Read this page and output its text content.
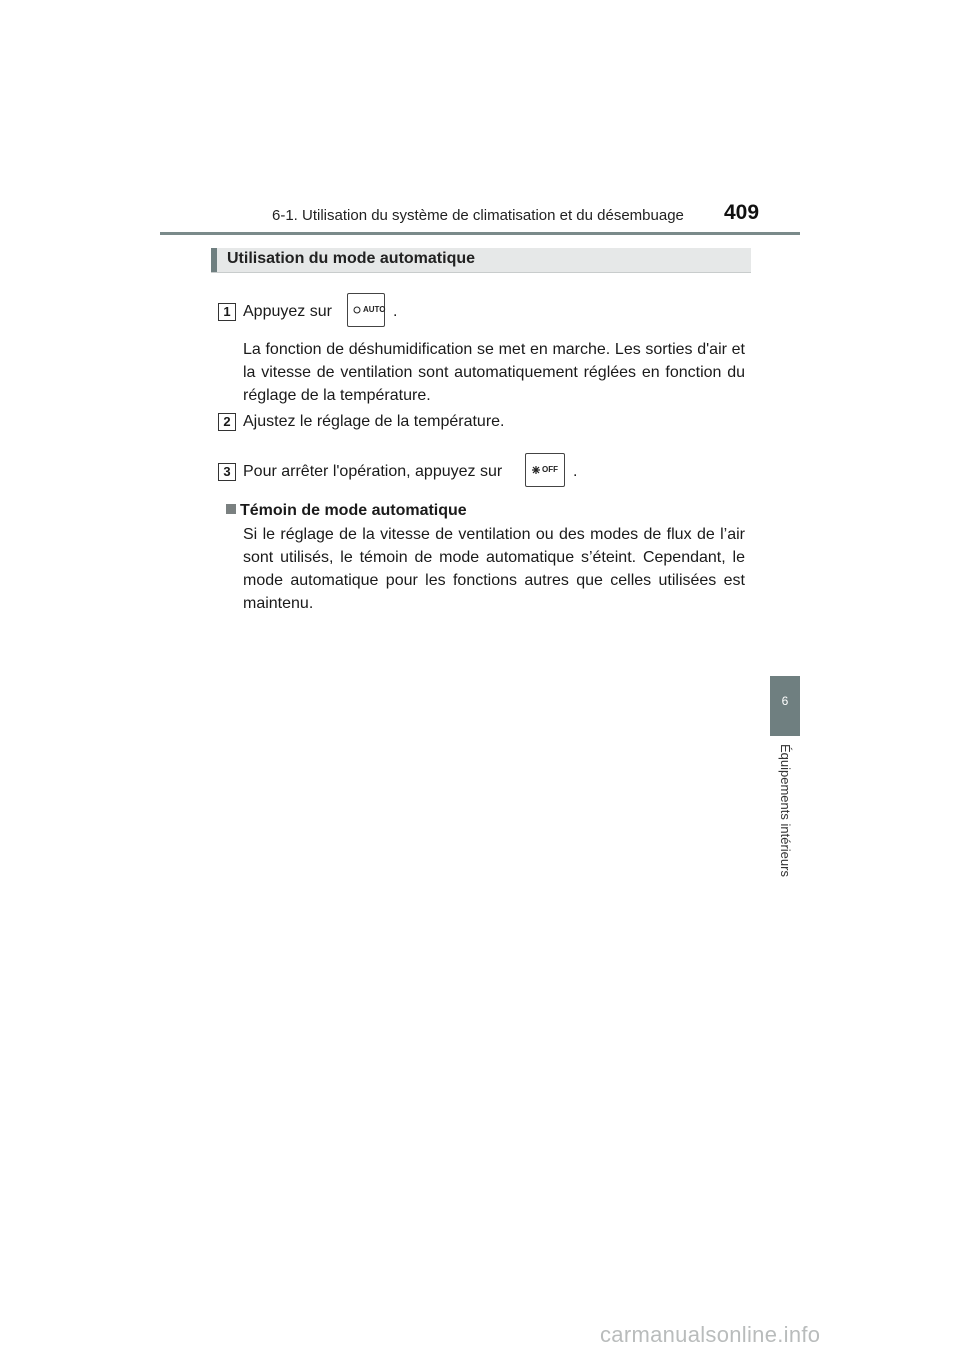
6-1. Utilisation du système de climatisation et du désembuage 409
Utilisation du mode automatique
1 Appuyez sur	AUTO .
La fonction de déshumidification se met en marche. Les sorties d'air et la vitesse de ventilation sont automatiquement réglées en fonction du réglage de la température.
2 Ajustez le réglage de la température.
3 Pour arrêter l'opération, appuyez sur	OFF .
Témoin de mode automatique
Si le réglage de la vitesse de ventilation ou des modes de flux de l’air sont utilisés, le témoin de mode automatique s’éteint. Cependant, le mode automatique pour les fonctions autres que celles utilisées est maintenu.
6
Équipements intérieurs
carmanualsonline.info
